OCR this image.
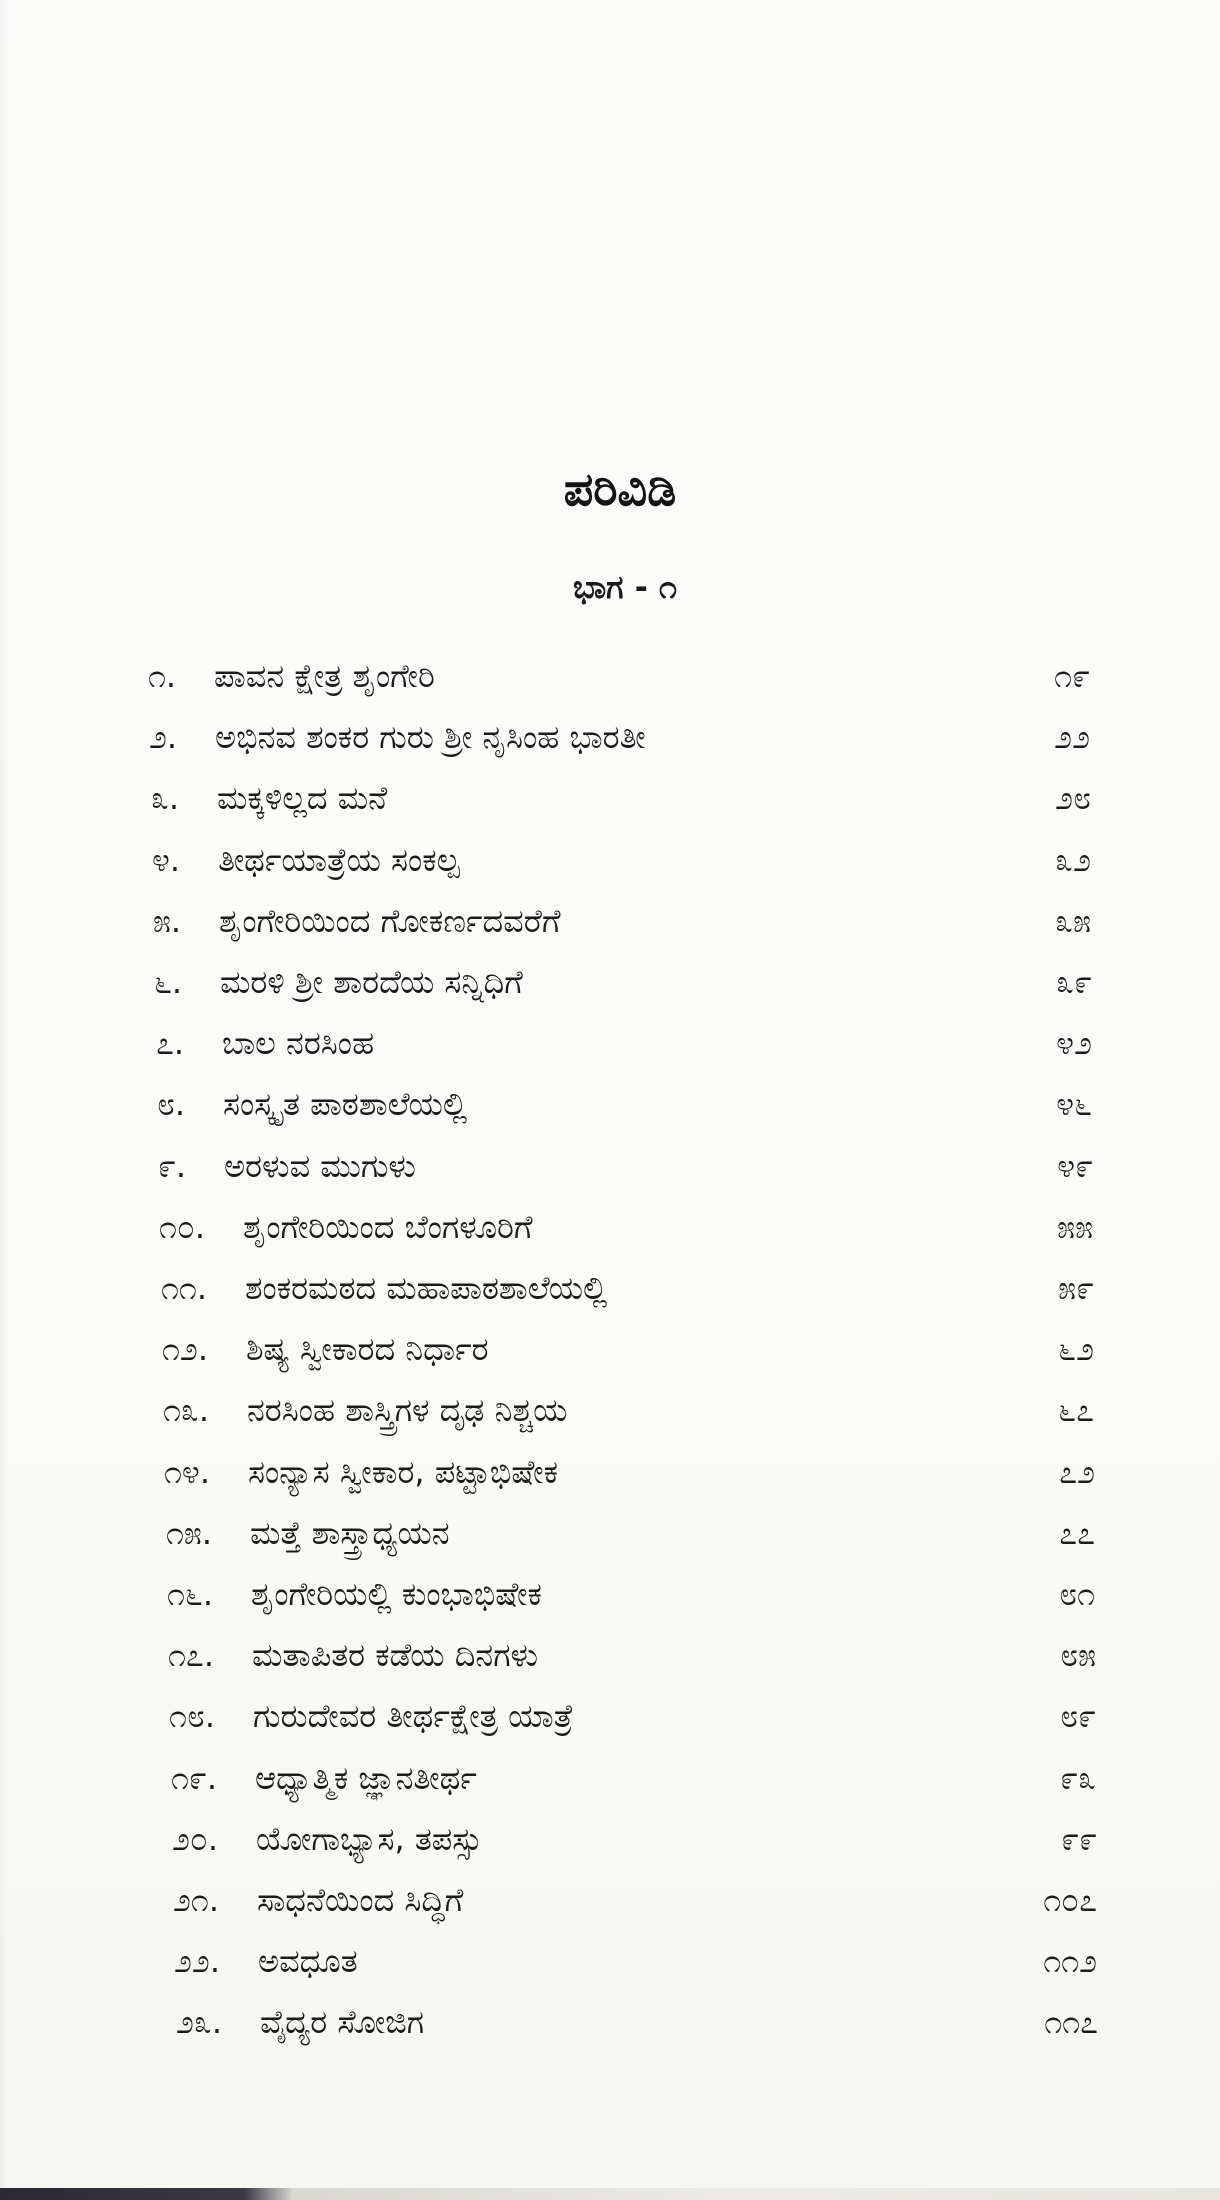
ಪರಿವಿಡಿ
ಭಾಗ - ೧
೧. ಪಾವನ ಕ್ಷೇತ್ರ ಶೃಂಗೇರಿ	೧೯
೨. ಅಭಿನವ ಶಂಕರ ಗುರು ಶ್ರೀ ನೃಸಿಂಹ ಭಾರತೀ	೨೨
೩. ಮಕ್ಕಳಿಲ್ಲದ ಮನೆ	೨೮
೪. ತೀರ್ಥಯಾತ್ರೆಯ ಸಂಕಲ್ಪ	೩೨
೫. ಶೃಂಗೇರಿಯಿಂದ ಗೋಕರ್ಣದವರೆಗೆ	೩೫
೬. ಮರಳಿ ಶ್ರೀ ಶಾರದೆಯ ಸನ್ನಿಧಿಗೆ	೩೯
೭. ಬಾಲ ನರಸಿಂಹ	೪೨
೮. ಸಂಸ್ಕೃತ ಪಾಠಶಾಲೆಯಲ್ಲಿ	೪೬
೯. ಅರಳುವ ಮುಗುಳು	೪೯
೧೦. ಶೃಂಗೇರಿಯಿಂದ ಬೆಂಗಳೂರಿಗೆ	೫೫
೧೧. ಶಂಕರಮಠದ ಮಹಾಪಾಠಶಾಲೆಯಲ್ಲಿ	೫೯
೧೨. ಶಿಷ್ಯ ಸ್ವೀಕಾರದ ನಿರ್ಧಾರ	೬೨
೧೩. ನರಸಿಂಹ ಶಾಸ್ತ್ರಿಗಳ ದೃಢ ನಿಶ್ಚಯ	೬೭
೧೪. ಸಂನ್ಯಾಸ ಸ್ವೀಕಾರ, ಪಟ್ಟಾಭಿಷೇಕ	೭೨
೧೫. ಮತ್ತೆ ಶಾಸ್ತ್ರಾಧ್ಯಯನ	೭೭
೧೬. ಶೃಂಗೇರಿಯಲ್ಲಿ ಕುಂಭಾಭಿಷೇಕ	೮೧
೧೭. ಮತಾಪಿತರ ಕಡೆಯ ದಿನಗಳು	೮೫
೧೮. ಗುರುದೇವರ ತೀರ್ಥಕ್ಷೇತ್ರ ಯಾತ್ರೆ	೮೯
೧೯. ಆಧ್ಯಾತ್ಮಿಕ ಜ್ಞಾನತೀರ್ಥ	೯೩
೨೦. ಯೋಗಾಭ್ಯಾಸ, ತಪಸ್ಸು	೯೯
೨೧. ಸಾಧನೆಯಿಂದ ಸಿದ್ಧಿಗೆ	೧೦೭
೨೨. ಅವಧೂತ	೧೧೨
೨೩. ವೈದ್ಯರ ಸೋಜಿಗ	೧೧೭
